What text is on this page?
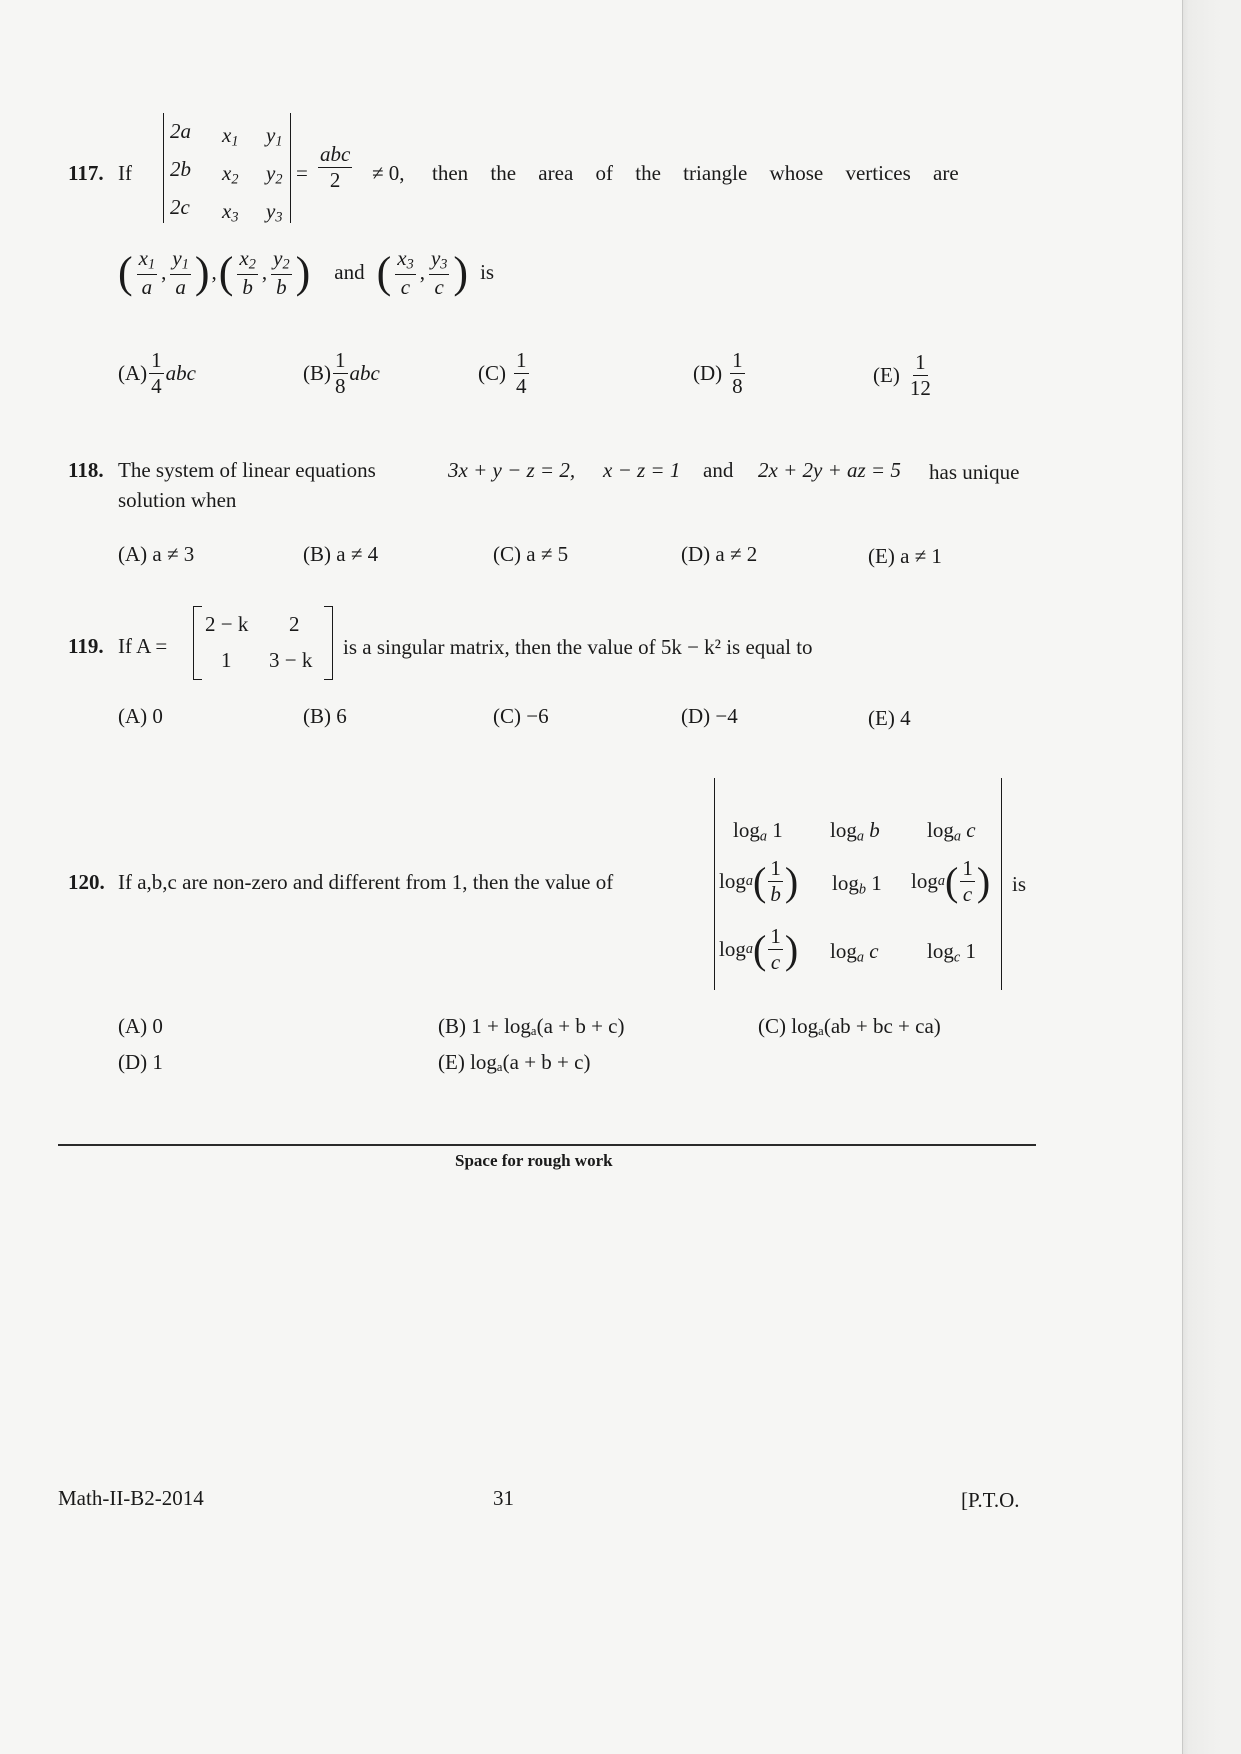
117. If
2a $x_1$ $y_1$
2b $x_2$ $y_2$
2c $x_3$ $y_3$
= $\frac{\text{abc}}{2} \ne 0$, then the area of the triangle whose vertices are
( $\frac{x_1}{a}$ , $\frac{y_1}{a}$ ) , ( $\frac{x_2}{b}$ , $\frac{y_2}{b}$ ) and ( $\frac{x_3}{c}$ , $\frac{y_3}{c}$ ) is
$(A) \frac{1}{4}$ abc	$(B) \frac{1}{8}$ abc	$(C) \frac{1}{4}$	$(D) \frac{1}{8}$	$(E) \frac{1}{12}$
118. The system of linear equations	3x + y − z = 2, x − z = 1 and 2x + 2y + az = 5 has unique
solution when
(A) a ≠ 3	(B) a ≠ 4	(C) a ≠ 5	(D) a ≠ 2	(E) a ≠ 1
119. If A =
2 − k 2
1 3 − k
is a singular matrix, then the value of 5k − k² is equal to
(A) 0	(B) 6	(C) −6	(D) −4	(E) 4
120. If a,b,c are non-zero and different from 1, then the value of
$\log_a 1$ $\log_a b$ $\log_a c$
log a ( $\frac{1}{b}$ ) $\log_b 1$ log a ( $\frac{1}{c}$ )
log a ( $\frac{1}{c}$ ) $\log_a c$ $\log_c 1$
is
(A) 0	(B) 1 + logₐ(a + b + c)	(C) logₐ(ab + bc + ca)
(D) 1	(E) logₐ(a + b + c)
Space for rough work
Math-II-B2-2014	31	[P.T.O.
